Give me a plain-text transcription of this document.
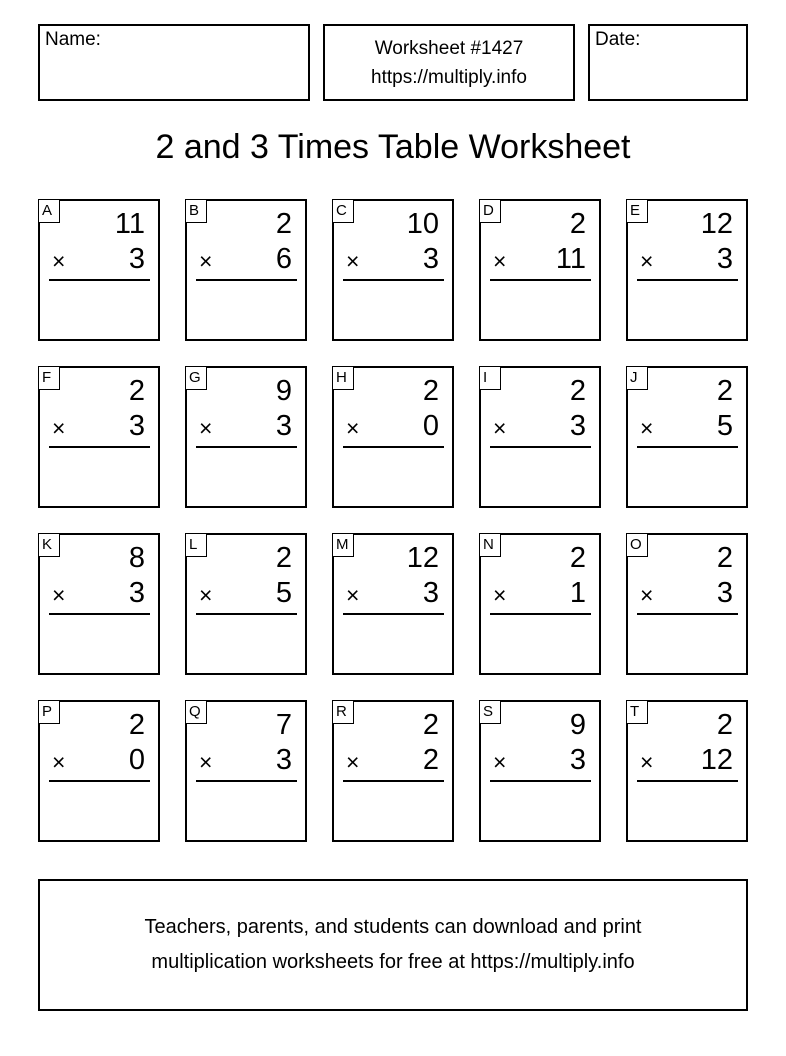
Name:	Worksheet #1427
https://multiply.info
Date:
2 and 3 Times Table Worksheet
A 11
× 3
B	2
× 6
C 10
× 3
D	2
× 11
E 12
× 3
F	2
× 3
G	9
× 3
H	2
× 0
I	2
× 3
J	2
× 5
K	8
× 3
L	2
× 5
M 12
× 3
N	2
× 1
O	2
× 3
P	2
× 0
Q	7
× 3
R	2
× 2
S	9
× 3
T	2
× 12
Teachers, parents, and students can download and print
multiplication worksheets for free at https://multiply.info
